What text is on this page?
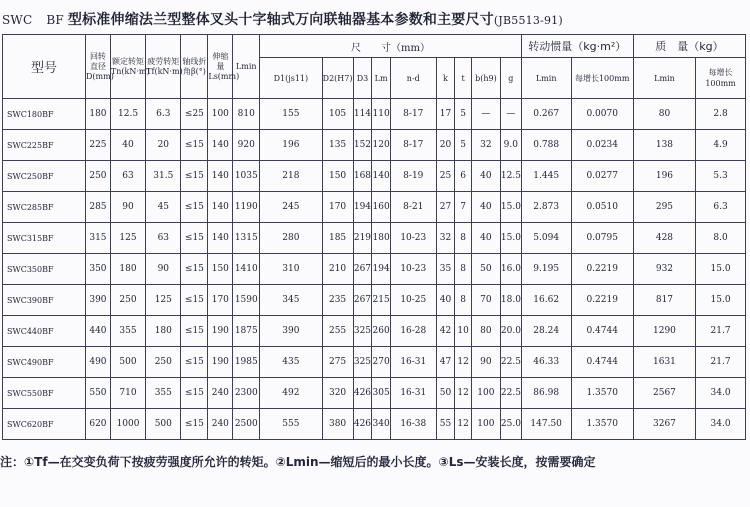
SWC BF 型标准伸缩法兰型整体叉头十字轴式万向联轴器基本参数和主要尺寸(JB5513-91)
型号	回转直径D(mm)	额定转矩Tn(kN·m)	疲劳转矩Tf(kN·m)	轴线折角β(°)	伸缩量Ls(mm)	Lmin	尺　　寸（mm）									转动惯量（kg·m²）		质　量（kg）	
							D1(js11)	D2(H7)	D3	Lm	n-d	k	t	b(h9)	g	Lmin	每增长100mm	Lmin	每增长100mm
SWC180BF	180	12.5	6.3	≤25	100	810	155	105	114	110	8-17	17	5	—	—	0.267	0.0070	80	2.8
SWC225BF	225	40	20	≤15	140	920	196	135	152	120	8-17	20	5	32	9.0	0.788	0.0234	138	4.9
SWC250BF	250	63	31.5	≤15	140	1035	218	150	168	140	8-19	25	6	40	12.5	1.445	0.0277	196	5.3
SWC285BF	285	90	45	≤15	140	1190	245	170	194	160	8-21	27	7	40	15.0	2.873	0.0510	295	6.3
SWC315BF	315	125	63	≤15	140	1315	280	185	219	180	10-23	32	8	40	15.0	5.094	0.0795	428	8.0
SWC350BF	350	180	90	≤15	150	1410	310	210	267	194	10-23	35	8	50	16.0	9.195	0.2219	932	15.0
SWC390BF	390	250	125	≤15	170	1590	345	235	267	215	10-25	40	8	70	18.0	16.62	0.2219	817	15.0
SWC440BF	440	355	180	≤15	190	1875	390	255	325	260	16-28	42	10	80	20.0	28.24	0.4744	1290	21.7
SWC490BF	490	500	250	≤15	190	1985	435	275	325	270	16-31	47	12	90	22.5	46.33	0.4744	1631	21.7
SWC550BF	550	710	355	≤15	240	2300	492	320	426	305	16-31	50	12	100	22.5	86.98	1.3570	2567	34.0
SWC620BF	620	1000	500	≤15	240	2500	555	380	426	340	16-38	55	12	100	25.0	147.50	1.3570	3267	34.0
注：①Tf—在交变负荷下按疲劳强度所允许的转矩。②Lmin—缩短后的最小长度。③Ls—安装长度，按需要确定
